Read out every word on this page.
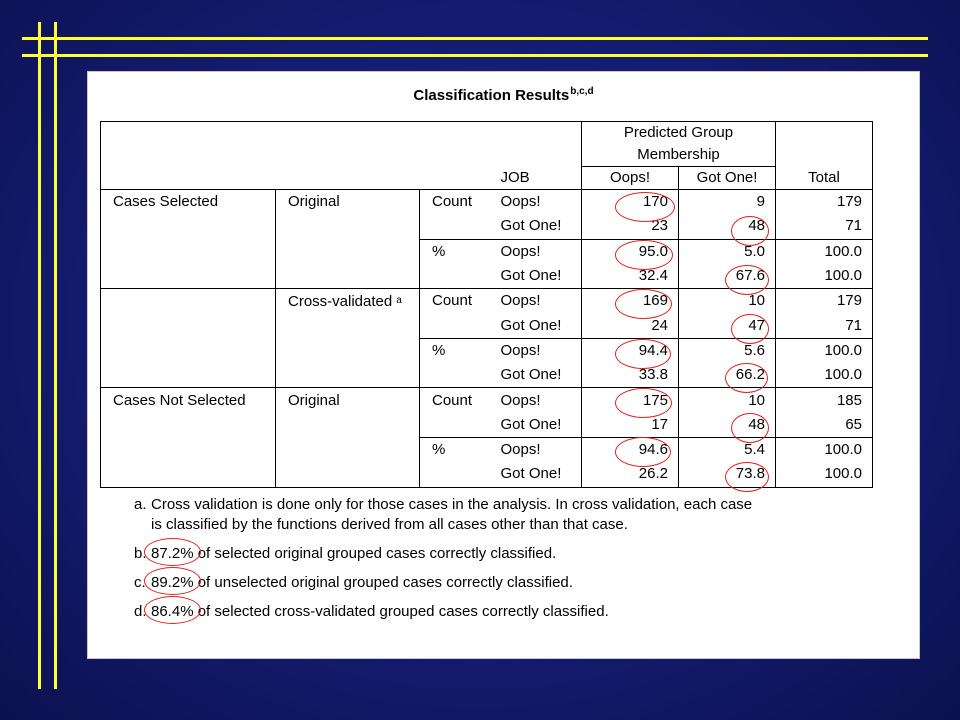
Classification Results$^{b,c,d}$
				Predicted Group		
				Membership		
			JOB	Oops!	Got One!	Total
Cases Selected	Original	Count	Oops!	170	9	179
			Got One!	23	48	71
		%	Oops!	95.0	5.0	100.0
			Got One!	32.4	67.6	100.0
	Cross-validated $^a$	Count	Oops!	169	10	179
			Got One!	24	47	71
		%	Oops!	94.4	5.6	100.0
			Got One!	33.8	66.2	100.0
Cases Not Selected	Original	Count	Oops!	175	10	185
			Got One!	17	48	65
		%	Oops!	94.6	5.4	100.0
			Got One!	26.2	73.8	100.0
a. Cross validation is done only for those cases in the analysis. In cross validation, each case
is classified by the functions derived from all cases other than that case.
b. 87.2% of selected original grouped cases correctly classified.
c. 89.2% of unselected original grouped cases correctly classified.
d. 86.4% of selected cross-validated grouped cases correctly classified.
